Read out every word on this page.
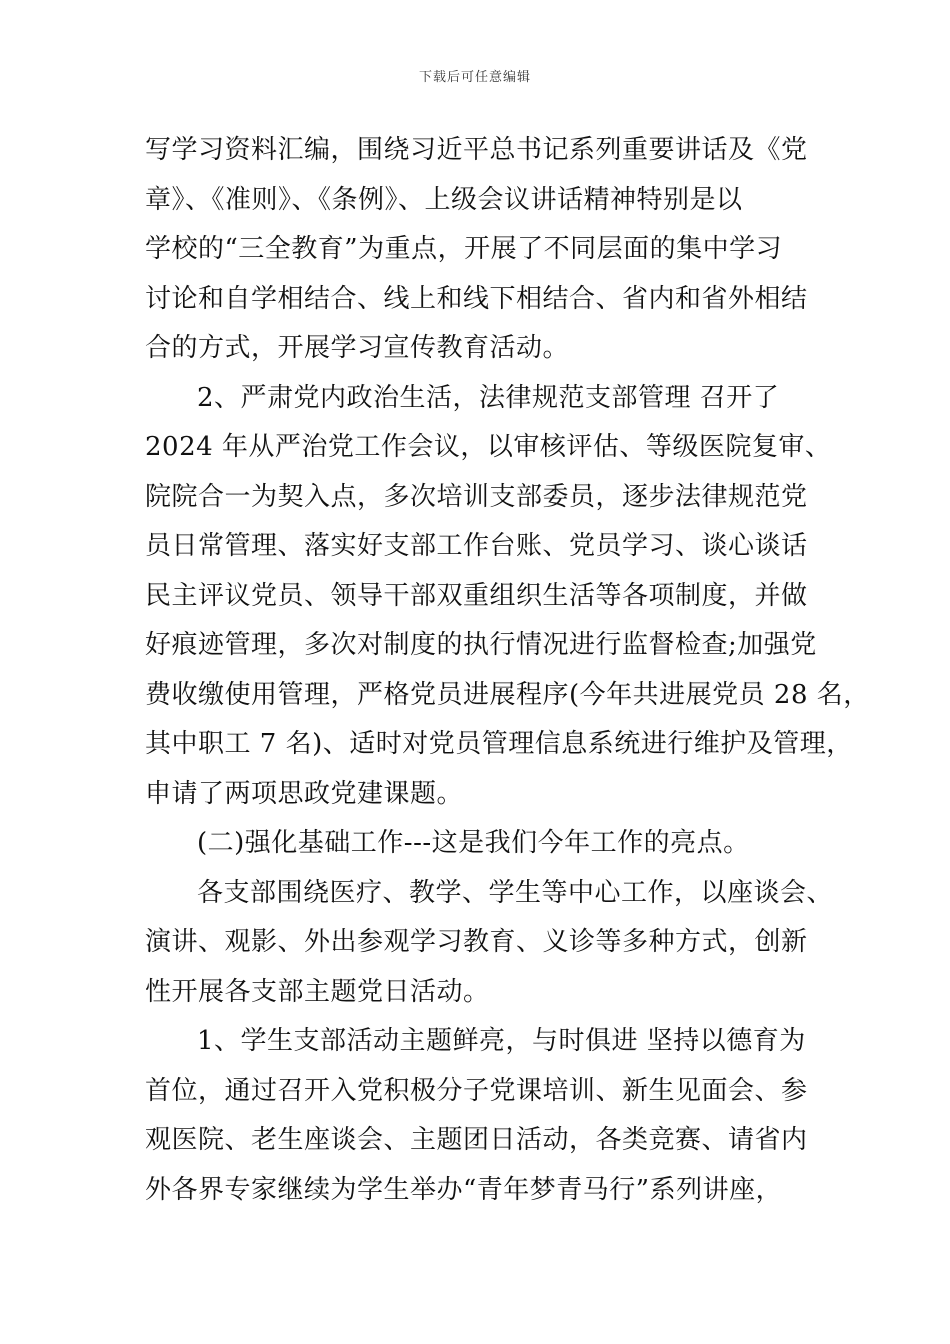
下载后可任意编辑
写学习资料汇编，围绕习近平总书记系列重要讲话及《党
章》、《准则》、《条例》、上级会议讲话精神特别是以
学校的“三全教育”为重点，开展了不同层面的集中学习
讨论和自学相结合、线上和线下相结合、省内和省外相结
合的方式，开展学习宣传教育活动。
2、严肃党内政治生活，法律规范支部管理 召开了
2024 年从严治党工作会议，以审核评估、等级医院复审、
院院合一为契入点，多次培训支部委员，逐步法律规范党
员日常管理、落实好支部工作台账、党员学习、谈心谈话
民主评议党员、领导干部双重组织生活等各项制度，并做
好痕迹管理，多次对制度的执行情况进行监督检查;加强党
费收缴使用管理，严格党员进展程序(今年共进展党员 28 名，
其中职工 7 名)、适时对党员管理信息系统进行维护及管理，
申请了两项思政党建课题。
(二)强化基础工作---这是我们今年工作的亮点。
各支部围绕医疗、教学、学生等中心工作，以座谈会、
演讲、观影、外出参观学习教育、义诊等多种方式，创新
性开展各支部主题党日活动。
1、学生支部活动主题鲜亮，与时俱进 坚持以德育为
首位，通过召开入党积极分子党课培训、新生见面会、参
观医院、老生座谈会、主题团日活动，各类竞赛、请省内
外各界专家继续为学生举办“青年梦青马行”系列讲座，
